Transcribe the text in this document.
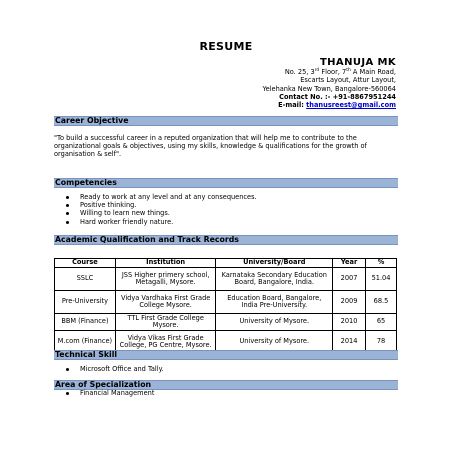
RESUME
THANUJA MK
No. 25, 3rd Floor, 7th A Main Road,
Escarts Layout, Attur Layout,
Yelehanka New Town, Bangalore-560064
Contact No. :- +91-8867951244
E-mail: thanusreest@gmail.com
Career Objective
"To build a successful career in a reputed organization that will help me to contribute to the organizational goals & objectives, using my skills, knowledge & qualifications for the growth of organisation & self".
Competencies
Ready to work at any level and at any consequences.
Positive thinking.
Willing to learn new things.
Hard worker friendly nature.
Academic Qualification and Track Records
Course	Institution	University/Board	Year	%
SSLC	JSS Higher primery school, Metagalli, Mysore.	Karnataka Secondary Education Board, Bangalore, India.	2007	51.04
Pre-University	Vidya Vardhaka First Grade College Mysore.	Education Board, Bangalore, India Pre-University.	2009	68.5
BBM (Finance)	TTL First Grade College Mysore.	University of Mysore.	2010	65
M.com (Finance)	Vidya Vikas First Grade College, PG Centre, Mysore.	University of Mysore.	2014	78
Technical Skill
Microsoft Office and Tally.
Area of Specialization
Financial Management
